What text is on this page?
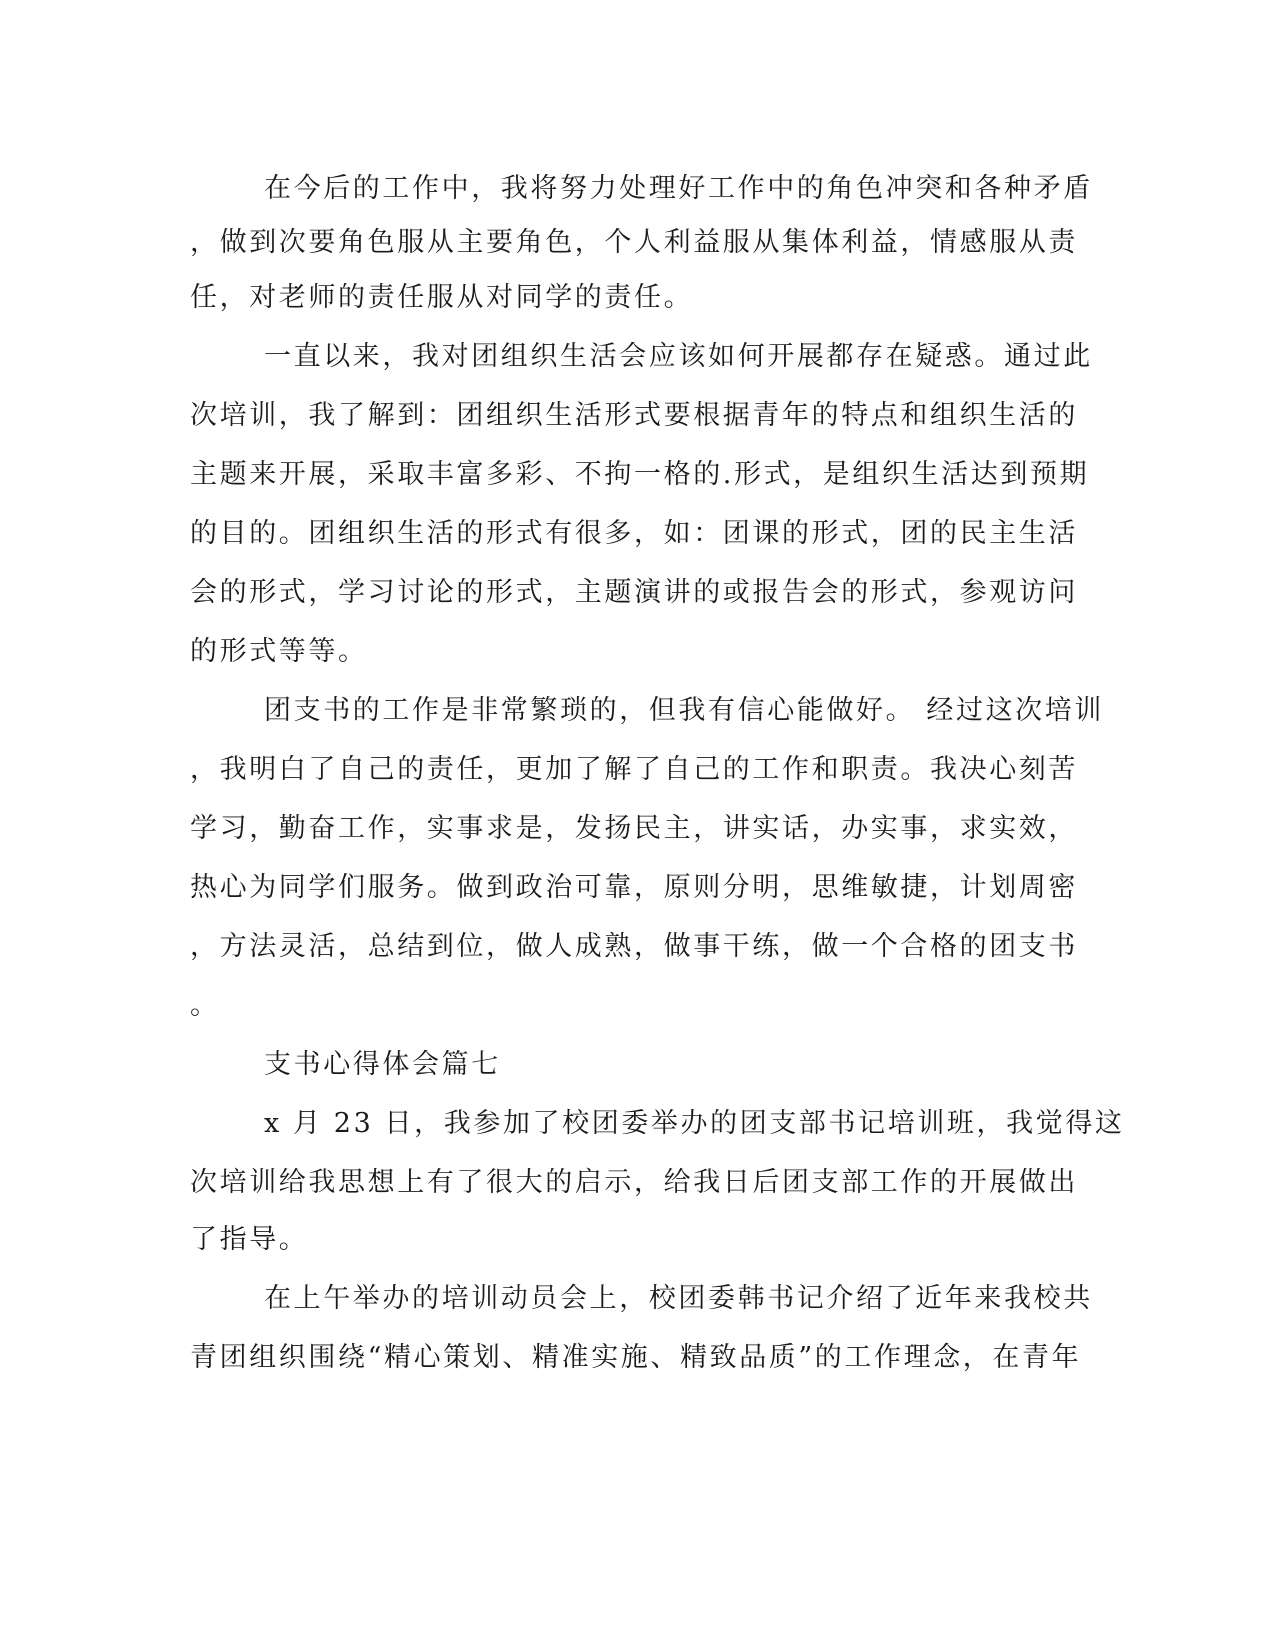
在今后的工作中，我将努力处理好工作中的角色冲突和各种矛盾
，做到次要角色服从主要角色，个人利益服从集体利益，情感服从责
任，对老师的责任服从对同学的责任。
一直以来，我对团组织生活会应该如何开展都存在疑惑。通过此
次培训，我了解到：团组织生活形式要根据青年的特点和组织生活的
主题来开展，采取丰富多彩、不拘一格的.形式，是组织生活达到预期
的目的。团组织生活的形式有很多，如：团课的形式，团的民主生活
会的形式，学习讨论的形式，主题演讲的或报告会的形式，参观访问
的形式等等。
团支书的工作是非常繁琐的，但我有信心能做好。 经过这次培训
，我明白了自己的责任，更加了解了自己的工作和职责。我决心刻苦
学习，勤奋工作，实事求是，发扬民主，讲实话，办实事，求实效，
热心为同学们服务。做到政治可靠，原则分明，思维敏捷，计划周密
，方法灵活，总结到位，做人成熟，做事干练，做一个合格的团支书
。
支书心得体会篇七
x 月 23 日，我参加了校团委举办的团支部书记培训班，我觉得这
次培训给我思想上有了很大的启示，给我日后团支部工作的开展做出
了指导。
在上午举办的培训动员会上，校团委韩书记介绍了近年来我校共
青团组织围绕“精心策划、精准实施、精致品质”的工作理念，在青年
